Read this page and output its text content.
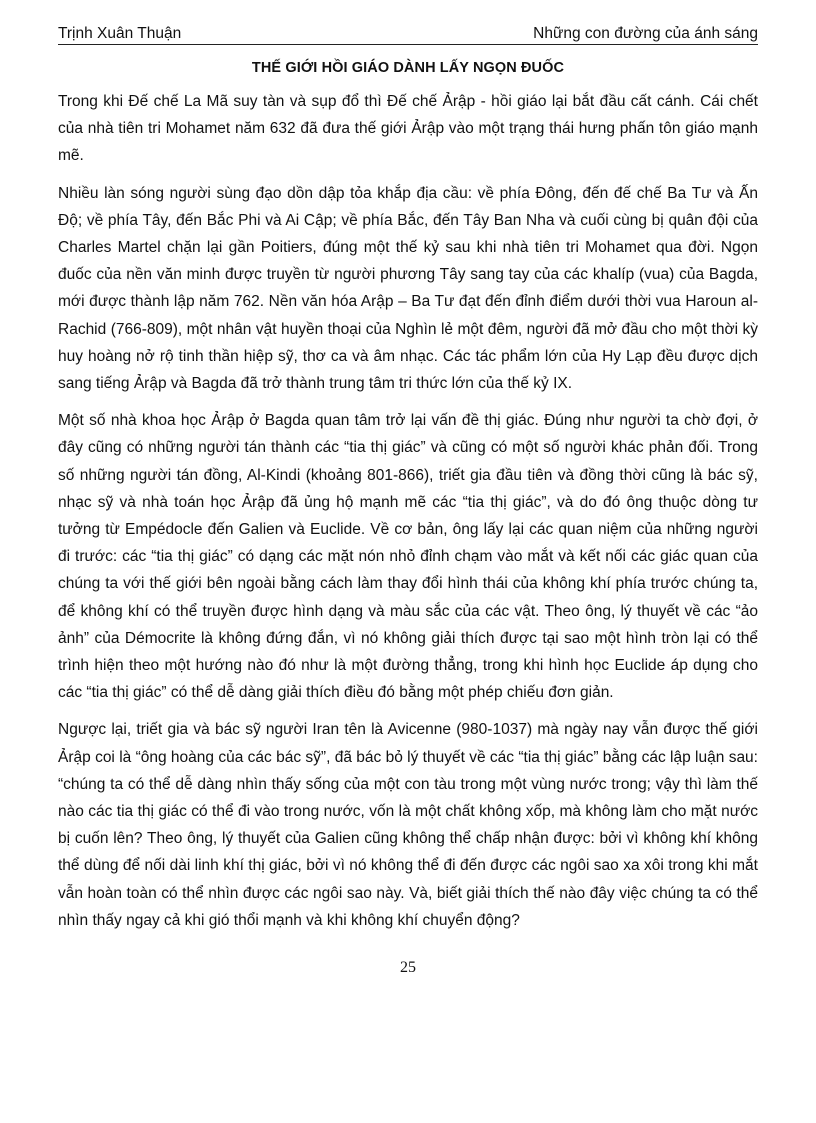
Trịnh Xuân Thuận	Những con đường của ánh sáng
THẾ GIỚI HỒI GIÁO DÀNH LẤY NGỌN ĐUỐC

Trong khi Đế chế La Mã suy tàn và sụp đổ thì Đế chế Ảrập - hồi giáo lại bắt đầu cất cánh. Cái chết của nhà tiên tri Mohamet năm 632 đã đưa thế giới Ảrập vào một trạng thái hưng phấn tôn giáo mạnh mẽ.

Nhiều làn sóng người sùng đạo dồn dập tỏa khắp địa cầu: về phía Đông, đến đế chế Ba Tư và Ấn Độ; về phía Tây, đến Bắc Phi và Ai Cập; về phía Bắc, đến Tây Ban Nha và cuối cùng bị quân đội của Charles Martel chặn lại gần Poitiers, đúng một thế kỷ sau khi nhà tiên tri Mohamet qua đời. Ngọn đuốc của nền văn minh được truyền từ người phương Tây sang tay của các khalíp (vua) của Bagda, mới được thành lập năm 762. Nền văn hóa Arập – Ba Tư đạt đến đỉnh điểm dưới thời vua Haroun al-Rachid (766-809), một nhân vật huyền thoại của Nghìn lẻ một đêm, người đã mở đầu cho một thời kỳ huy hoàng nở rộ tinh thần hiệp sỹ, thơ ca và âm nhạc. Các tác phẩm lớn của Hy Lạp đều được dịch sang tiếng Ảrập và Bagda đã trở thành trung tâm tri thức lớn của thế kỷ IX.

Một số nhà khoa học Ảrập ở Bagda quan tâm trở lại vấn đề thị giác. Đúng như người ta chờ đợi, ở đây cũng có những người tán thành các “tia thị giác” và cũng có một số người khác phản đối. Trong số những người tán đồng, Al-Kindi (khoảng 801-866), triết gia đầu tiên và đồng thời cũng là bác sỹ, nhạc sỹ và nhà toán học Ảrập đã ủng hộ mạnh mẽ các “tia thị giác”, và do đó ông thuộc dòng tư tưởng từ Empédocle đến Galien và Euclide. Về cơ bản, ông lấy lại các quan niệm của những người đi trước: các “tia thị giác” có dạng các mặt nón nhỏ đỉnh chạm vào mắt và kết nối các giác quan của chúng ta với thế giới bên ngoài bằng cách làm thay đổi hình thái của không khí phía trước chúng ta, để không khí có thể truyền được hình dạng và màu sắc của các vật. Theo ông, lý thuyết về các “ảo ảnh” của Démocrite là không đứng đắn, vì nó không giải thích được tại sao một hình tròn lại có thể trình hiện theo một hướng nào đó như là một đường thẳng, trong khi hình học Euclide áp dụng cho các “tia thị giác” có thể dễ dàng giải thích điều đó bằng một phép chiếu đơn giản.

Ngược lại, triết gia và bác sỹ người Iran tên là Avicenne (980-1037) mà ngày nay vẫn được thế giới Ảrập coi là “ông hoàng của các bác sỹ”, đã bác bỏ lý thuyết về các “tia thị giác” bằng các lập luận sau: “chúng ta có thể dễ dàng nhìn thấy sống của một con tàu trong một vùng nước trong; vậy thì làm thế nào các tia thị giác có thể đi vào trong nước, vốn là một chất không xốp, mà không làm cho mặt nước bị cuốn lên? Theo ông, lý thuyết của Galien cũng không thể chấp nhận được: bởi vì không khí không thể dùng để nối dài linh khí thị giác, bởi vì nó không thể đi đến được các ngôi sao xa xôi trong khi mắt vẫn hoàn toàn có thể nhìn được các ngôi sao này. Và, biết giải thích thế nào đây việc chúng ta có thể nhìn thấy ngay cả khi gió thổi mạnh và khi không khí chuyển động?

25
